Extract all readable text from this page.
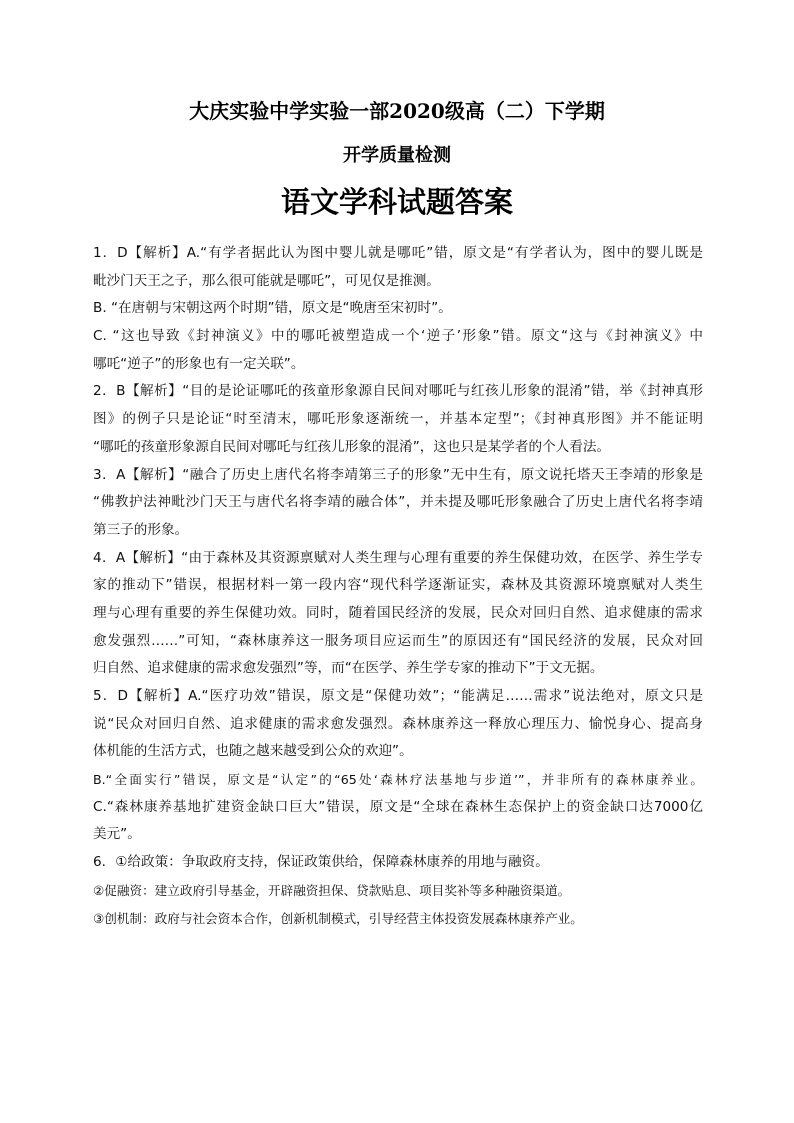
大庆实验中学实验一部2020级高（二）下学期
开学质量检测
语文学科试题答案
1．D【解析】A.“有学者据此认为图中婴儿就是哪吒”错，原文是“有学者认为，图中的婴儿既是
毗沙门天王之子，那么很可能就是哪吒”，可见仅是推测。
B. “在唐朝与宋朝这两个时期”错，原文是“晚唐至宋初时”。
C. “这也导致《封神演义》中的哪吒被塑造成一个‘逆子’形象”错。原文“这与《封神演义》中
哪吒“逆子”的形象也有一定关联”。
2．B【解析】“目的是论证哪吒的孩童形象源自民间对哪吒与红孩儿形象的混淆”错，举《封神真形
图》的例子只是论证“时至清末，哪吒形象逐渐统一，并基本定型”；《封神真形图》并不能证明
“哪吒的孩童形象源自民间对哪吒与红孩儿形象的混淆”，这也只是某学者的个人看法。
3．A【解析】“融合了历史上唐代名将李靖第三子的形象”无中生有，原文说托塔天王李靖的形象是
“佛教护法神毗沙门天王与唐代名将李靖的融合体”，并未提及哪吒形象融合了历史上唐代名将李靖
第三子的形象。
4．A【解析】“由于森林及其资源禀赋对人类生理与心理有重要的养生保健功效，在医学、养生学专
家的推动下”错误，根据材料一第一段内容“现代科学逐渐证实，森林及其资源环境禀赋对人类生
理与心理有重要的养生保健功效。同时，随着国民经济的发展，民众对回归自然、追求健康的需求
愈发强烈……”可知，“森林康养这一服务项目应运而生”的原因还有“国民经济的发展，民众对回
归自然、追求健康的需求愈发强烈”等，而“在医学、养生学专家的推动下”于文无据。
5．D【解析】A.“医疗功效”错误，原文是“保健功效”；“能满足……需求”说法绝对，原文只是
说“民众对回归自然、追求健康的需求愈发强烈。森林康养这一释放心理压力、愉悦身心、提高身
体机能的生活方式，也随之越来越受到公众的欢迎”。
B.“全面实行”错误，原文是“认定”的“65处‘森林疗法基地与步道’”，并非所有的森林康养业。
C.“森林康养基地扩建资金缺口巨大”错误，原文是“全球在森林生态保护上的资金缺口达7000亿
美元”。
6．①给政策：争取政府支持，保证政策供给，保障森林康养的用地与融资。
②促融资：建立政府引导基金，开辟融资担保、贷款贴息、项目奖补等多种融资渠道。
③创机制：政府与社会资本合作，创新机制模式，引导经营主体投资发展森林康养产业。
